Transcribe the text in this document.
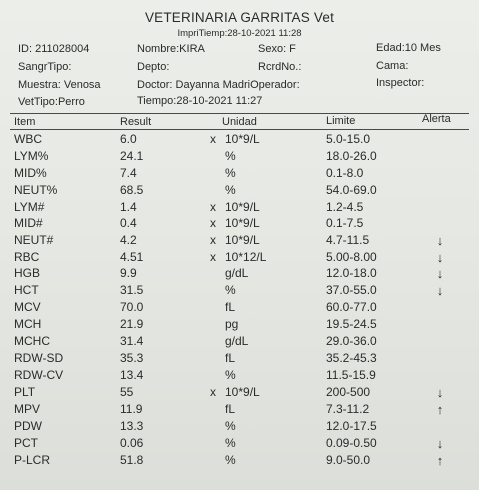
VETERINARIA GARRITAS Vet
ImpriTiemp:28-10-2021 11:28
ID: 211028004	Nombre:KIRA	Sexo: F	Edad:10 Mes
SangrTipo:	Depto:	RcrdNo.:	Cama:
Muestra: Venosa	Doctor: Dayanna MadriOperador:	Inspector:
VetTipo:Perro	Tiempo:28-10-2021 11:27
Item	Result	Unidad	Limite	Alerta
WBC	6.0	x 10*9/L	5.0-15.0
LYM%	24.1	%	18.0-26.0
MID%	7.4	%	0.1-8.0
NEUT%	68.5	%	54.0-69.0
LYM#	1.4	x 10*9/L	1.2-4.5
MID#	0.4	x 10*9/L	0.1-7.5
NEUT#	4.2	x 10*9/L	4.7-11.5	↓
RBC	4.51	x 10*12/L	5.00-8.00	↓
HGB	9.9	g/dL	12.0-18.0	↓
HCT	31.5	%	37.0-55.0	↓
MCV	70.0	fL	60.0-77.0
MCH	21.9	pg	19.5-24.5
MCHC	31.4	g/dL	29.0-36.0
RDW-SD	35.3	fL	35.2-45.3
RDW-CV	13.4	%	11.5-15.9
PLT	55	x 10*9/L	200-500	↓
MPV	11.9	fL	7.3-11.2	↑
PDW	13.3	%	12.0-17.5
PCT	0.06	%	0.09-0.50	↓
P-LCR	51.8	%	9.0-50.0	↑
